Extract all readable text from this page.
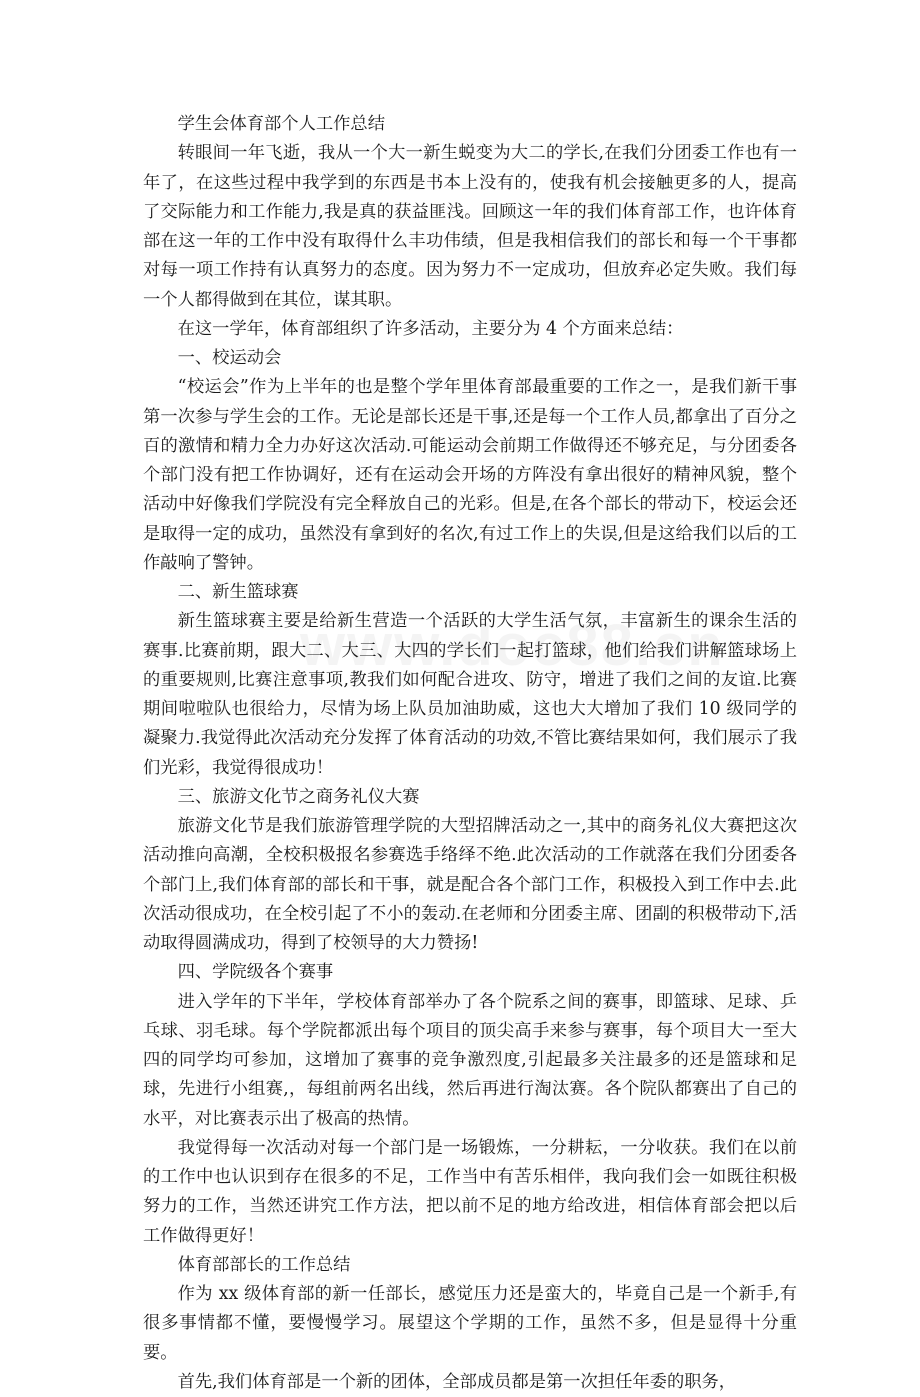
学生会体育部个人工作总结

转眼间一年飞逝，我从一个大一新生蜕变为大二的学长,在我们分团委工作也有一年了，在这些过程中我学到的东西是书本上没有的，使我有机会接触更多的人，提高了交际能力和工作能力,我是真的获益匪浅。回顾这一年的我们体育部工作，也许体育部在这一年的工作中没有取得什么丰功伟绩，但是我相信我们的部长和每一个干事都对每一项工作持有认真努力的态度。因为努力不一定成功，但放弃必定失败。我们每一个人都得做到在其位，谋其职。

在这一学年，体育部组织了许多活动，主要分为 4 个方面来总结：

一、校运动会

“校运会”作为上半年的也是整个学年里体育部最重要的工作之一，是我们新干事第一次参与学生会的工作。无论是部长还是干事,还是每一个工作人员,都拿出了百分之百的激情和精力全力办好这次活动.可能运动会前期工作做得还不够充足，与分团委各个部门没有把工作协调好，还有在运动会开场的方阵没有拿出很好的精神风貌，整个活动中好像我们学院没有完全释放自己的光彩。但是,在各个部长的带动下，校运会还是取得一定的成功，虽然没有拿到好的名次,有过工作上的失误,但是这给我们以后的工作敲响了警钟。

二、新生篮球赛

新生篮球赛主要是给新生营造一个活跃的大学生活气氛，丰富新生的课余生活的赛事.比赛前期，跟大二、大三、大四的学长们一起打篮球，他们给我们讲解篮球场上的重要规则,比赛注意事项,教我们如何配合进攻、防守，增进了我们之间的友谊.比赛期间啦啦队也很给力，尽情为场上队员加油助威，这也大大增加了我们 10 级同学的凝聚力.我觉得此次活动充分发挥了体育活动的功效,不管比赛结果如何，我们展示了我们光彩，我觉得很成功！

三、旅游文化节之商务礼仪大赛

旅游文化节是我们旅游管理学院的大型招牌活动之一,其中的商务礼仪大赛把这次活动推向高潮，全校积极报名参赛选手络绎不绝.此次活动的工作就落在我们分团委各个部门上,我们体育部的部长和干事，就是配合各个部门工作，积极投入到工作中去.此次活动很成功，在全校引起了不小的轰动.在老师和分团委主席、团副的积极带动下,活动取得圆满成功，得到了校领导的大力赞扬!

四、学院级各个赛事

进入学年的下半年，学校体育部举办了各个院系之间的赛事，即篮球、足球、乒乓球、羽毛球。每个学院都派出每个项目的顶尖高手来参与赛事，每个项目大一至大四的同学均可参加，这增加了赛事的竞争激烈度,引起最多关注最多的还是篮球和足球，先进行小组赛,，每组前两名出线，然后再进行淘汰赛。各个院队都赛出了自己的水平，对比赛表示出了极高的热情。

我觉得每一次活动对每一个部门是一场锻炼，一分耕耘，一分收获。我们在以前的工作中也认识到存在很多的不足，工作当中有苦乐相伴，我向我们会一如既往积极努力的工作，当然还讲究工作方法，把以前不足的地方给改进，相信体育部会把以后工作做得更好！

体育部部长的工作总结

作为 xx 级体育部的新一任部长，感觉压力还是蛮大的，毕竟自己是一个新手,有很多事情都不懂，要慢慢学习。展望这个学期的工作，虽然不多，但是显得十分重要。

首先,我们体育部是一个新的团体，全部成员都是第一次担任年委的职务，
